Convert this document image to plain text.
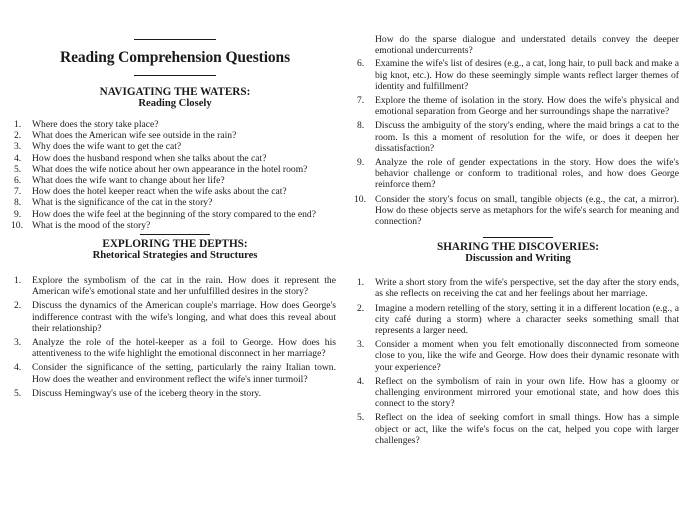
Reading Comprehension Questions
NAVIGATING THE WATERS:
Reading Closely
1. Where does the story take place?
2. What does the American wife see outside in the rain?
3. Why does the wife want to get the cat?
4. How does the husband respond when she talks about the cat?
5. What does the wife notice about her own appearance in the hotel room?
6. What does the wife want to change about her life?
7. How does the hotel keeper react when the wife asks about the cat?
8. What is the significance of the cat in the story?
9. How does the wife feel at the beginning of the story compared to the end?
10. What is the mood of the story?
EXPLORING THE DEPTHS:
Rhetorical Strategies and Structures
1. Explore the symbolism of the cat in the rain. How does it represent the American wife's emotional state and her unfulfilled desires in the story?
2. Discuss the dynamics of the American couple's marriage. How does George's indifference contrast with the wife's longing, and what does this reveal about their relationship?
3. Analyze the role of the hotel-keeper as a foil to George. How does his attentiveness to the wife highlight the emotional disconnect in her marriage?
4. Consider the significance of the setting, particularly the rainy Italian town. How does the weather and environment reflect the wife's inner turmoil?
5. Discuss Hemingway's use of the iceberg theory in the story.

How do the sparse dialogue and understated details convey the deeper emotional undercurrents?

6. Examine the wife's list of desires (e.g., a cat, long hair, to pull back and make a big knot, etc.). How do these seemingly simple wants reflect larger themes of identity and fulfillment?
7. Explore the theme of isolation in the story. How does the wife's physical and emotional separation from George and her surroundings shape the narrative?
8. Discuss the ambiguity of the story's ending, where the maid brings a cat to the room. Is this a moment of resolution for the wife, or does it deepen her dissatisfaction?
9. Analyze the role of gender expectations in the story. How does the wife's behavior challenge or conform to traditional roles, and how does George reinforce them?
10. Consider the story's focus on small, tangible objects (e.g., the cat, a mirror). How do these objects serve as metaphors for the wife's search for meaning and connection?
SHARING THE DISCOVERIES:
Discussion and Writing
1. Write a short story from the wife's perspective, set the day after the story ends, as she reflects on receiving the cat and her feelings about her marriage.
2. Imagine a modern retelling of the story, setting it in a different location (e.g., a city café during a storm) where a character seeks something small that represents a larger need.
3. Consider a moment when you felt emotionally disconnected from someone close to you, like the wife and George. How does their dynamic resonate with your experience?
4. Reflect on the symbolism of rain in your own life. How has a gloomy or challenging environment mirrored your emotional state, and how does this connect to the story?
5. Reflect on the idea of seeking comfort in small things. How has a simple object or act, like the wife's focus on the cat, helped you cope with larger challenges?
